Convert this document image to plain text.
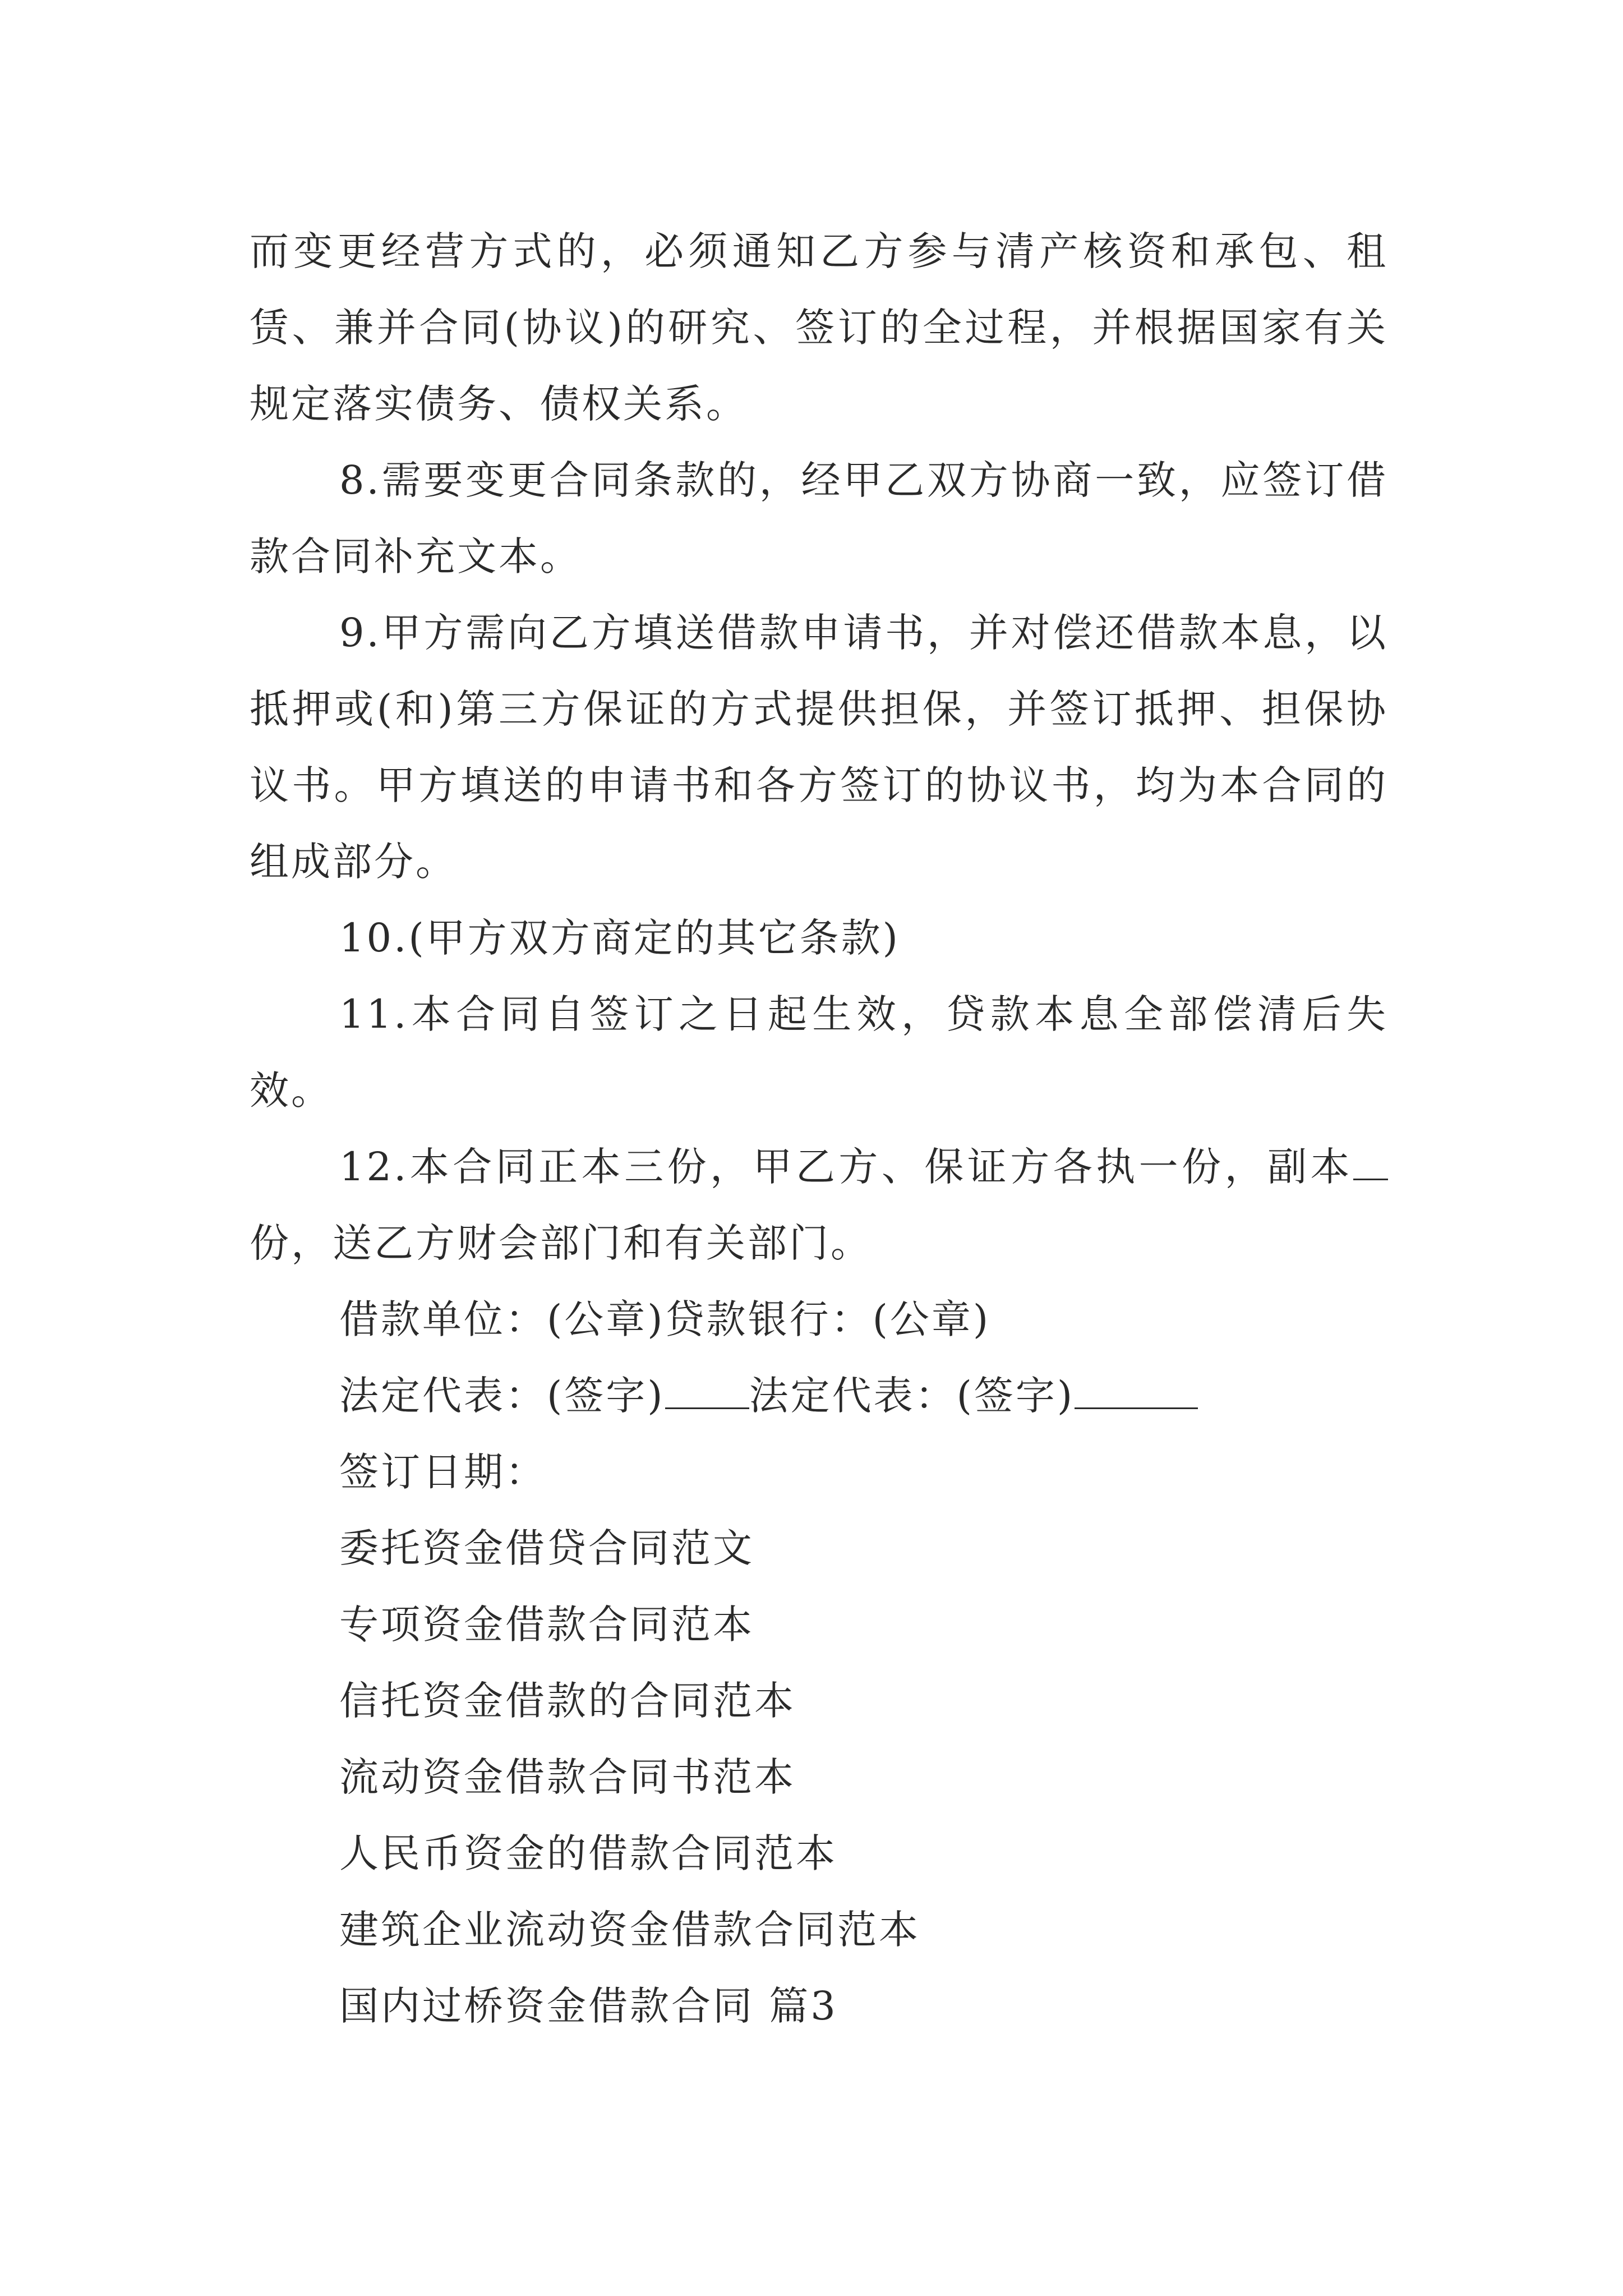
而变更经营方式的，必须通知乙方参与清产核资和承包、租赁、兼并合同(协议)的研究、签订的全过程，并根据国家有关规定落实债务、债权关系。

8.需要变更合同条款的，经甲乙双方协商一致，应签订借款合同补充文本。

9.甲方需向乙方填送借款申请书，并对偿还借款本息，以抵押或(和)第三方保证的方式提供担保，并签订抵押、担保协议书。甲方填送的申请书和各方签订的协议书，均为本合同的组成部分。

10.(甲方双方商定的其它条款)

11.本合同自签订之日起生效，贷款本息全部偿清后失效。

12.本合同正本三份，甲乙方、保证方各执一份，副本份，送乙方财会部门和有关部门。

借款单位：(公章)贷款银行：(公章)

法定代表：(签字) 法定代表：(签字)

签订日期：

委托资金借贷合同范文

专项资金借款合同范本

信托资金借款的合同范本

流动资金借款合同书范本

人民币资金的借款合同范本

建筑企业流动资金借款合同范本

国内过桥资金借款合同 篇3
